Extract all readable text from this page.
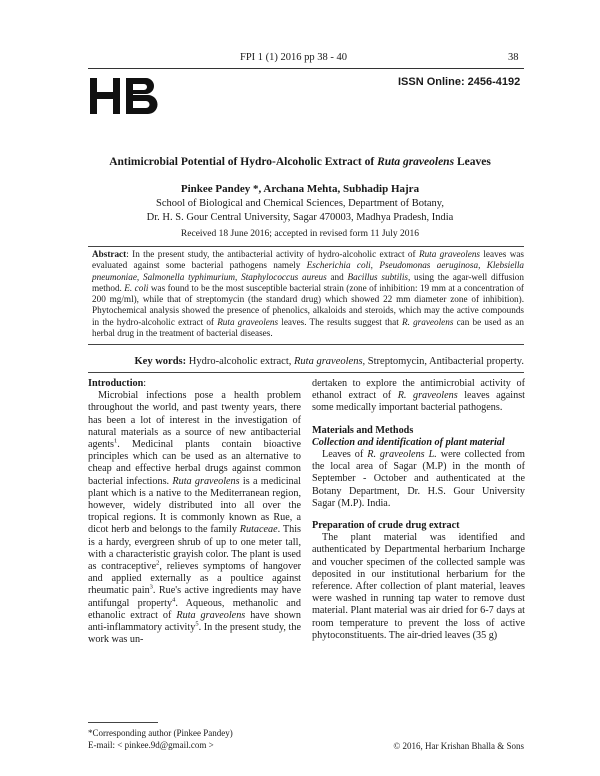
FPI 1 (1) 2016 pp 38 - 40	38
ISSN Online: 2456-4192
Antimicrobial Potential of Hydro-Alcoholic Extract of Ruta graveolens Leaves
Pinkee Pandey *, Archana Mehta, Subhadip Hajra
School of Biological and Chemical Sciences, Department of Botany,
Dr. H. S. Gour Central University, Sagar 470003, Madhya Pradesh, India
Received 18 June 2016; accepted in revised form 11 July 2016
Abstract: In the present study, the antibacterial activity of hydro-alcoholic extract of Ruta graveolens leaves was evaluated against some bacterial pathogens namely Escherichia coli, Pseudomonas aeruginosa, Klebsiella pneumoniae, Salmonella typhimurium, Staphylococcus aureus and Bacillus subtilis, using the agar-well diffusion method. E. coli was found to be the most susceptible bacterial strain (zone of inhibition: 19 mm at a concentration of 200 mg/ml), while that of streptomycin (the standard drug) which showed 22 mm diameter zone of inhibition). Phytochemical analysis showed the presence of phenolics, alkaloids and steroids, which may the active compounds in the hydro-alcoholic extract of Ruta graveolens leaves. The results suggest that R. graveolens can be used as an herbal drug in the treatment of bacterial diseases.
Key words: Hydro-alcoholic extract, Ruta graveolens, Streptomycin, Antibacterial property.
Introduction:

Microbial infections pose a health problem throughout the world, and past twenty years, there has been a lot of interest in the investigation of natural materials as a source of new antibacterial agents$^1$. Medicinal plants contain bioactive principles which can be used as an alternative to cheap and effective herbal drugs against common bacterial infections. Ruta graveolens is a medicinal plant which is a native to the Mediterranean region, however, widely distributed into all over the tropical regions. It is commonly known as Rue, a dicot herb and belongs to the family Rutaceae. This is a hardy, evergreen shrub of up to one meter tall, with a characteristic grayish color. The plant is used as contraceptive$^2$, relieves symptoms of hangover and applied externally as a poultice against rheumatic pain$^3$. Rue's active ingredients may have antifungal property$^4$. Aqueous, methanolic and ethanolic extract of Ruta graveolens have shown anti-inflammatory activity$^5$. In the present study, the work was un-

dertaken to explore the antimicrobial activity of ethanol extract of R. graveolens leaves against some medically important bacterial pathogens.

Materials and Methods
Collection and identification of plant material

Leaves of R. graveolens L. were collected from the local area of Sagar (M.P) in the month of September - October and authenticated at the Botany Department, Dr. H.S. Gour University Sagar (M.P). India.

Preparation of crude drug extract

The plant material was identified and authenticated by Departmental herbarium Incharge and voucher specimen of the collected sample was deposited in our institutional herbarium for the reference. After collection of plant material, leaves were washed in running tap water to remove dust material. Plant material was air dried for 6-7 days at room temperature to prevent the loss of active phytoconstituents. The air-dried leaves (35 g)

*Corresponding author (Pinkee Pandey)
E-mail: < pinkee.9d@gmail.com >	© 2016, Har Krishan Bhalla & Sons
